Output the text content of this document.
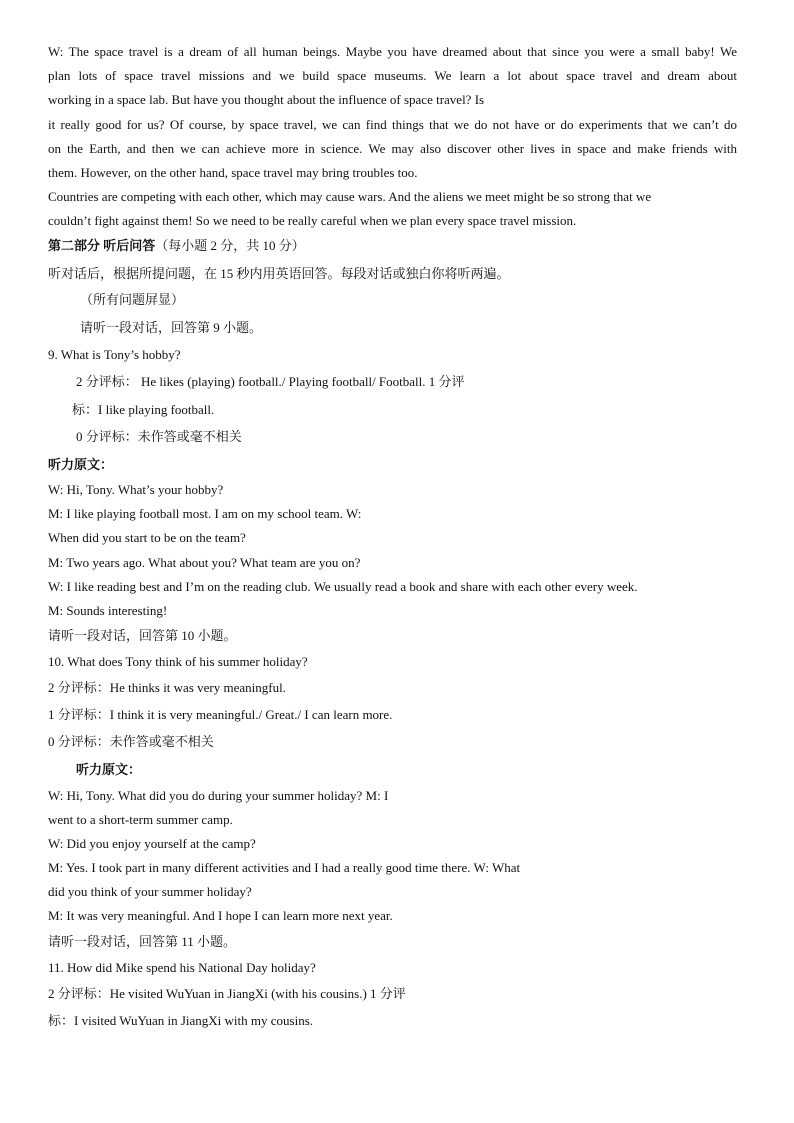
W: The space travel is a dream of all human beings. Maybe you have dreamed about that since you were a small baby! We
plan lots of space travel missions and we build space museums. We learn a lot about space travel and dream about
working in a space lab. But have you thought about the influence of space travel? Is
it really good for us? Of course, by space travel, we can find things that we do not have or do experiments that we can’t do
on the Earth, and then we can achieve more in science. We may also discover other lives in space and make friends with
them. However, on the other hand, space travel may bring troubles too.
Countries are competing with each other, which may cause wars. And the aliens we meet might be so strong that we
couldn’t fight against them! So we need to be really careful when we plan every space travel mission.
第二部分 听后问答（每小题 2 分，共 10 分）
听对话后，根据所提问题，在 15 秒内用英语回答。每段对话或独白你将听两遍。
（所有问题屏显）
请听一段对话，回答第 9 小题。
9. What is Tony’s hobby?
2 分评标： He likes (playing) football./ Playing football/ Football. 1 分评
标：I like playing football.
0 分评标：未作答或毫不相关
听力原文：
W: Hi, Tony. What’s your hobby?
M: I like playing football most. I am on my school team. W:
When did you start to be on the team?
M: Two years ago. What about you? What team are you on?
W: I like reading best and I’m on the reading club. We usually read a book and share with each other every week.
M: Sounds interesting!
请听一段对话，回答第 10 小题。
10. What does Tony think of his summer holiday?
2 分评标：He thinks it was very meaningful.
1 分评标：I think it is very meaningful./ Great./ I can learn more.
0 分评标：未作答或毫不相关
听力原文：
W: Hi, Tony. What did you do during your summer holiday? M: I
went to a short-term summer camp.
W: Did you enjoy yourself at the camp?
M: Yes. I took part in many different activities and I had a really good time there. W: What
did you think of your summer holiday?
M: It was very meaningful. And I hope I can learn more next year.
请听一段对话，回答第 11 小题。
11. How did Mike spend his National Day holiday?
2 分评标：He visited WuYuan in JiangXi (with his cousins.) 1 分评
标：I visited WuYuan in JiangXi with my cousins.
